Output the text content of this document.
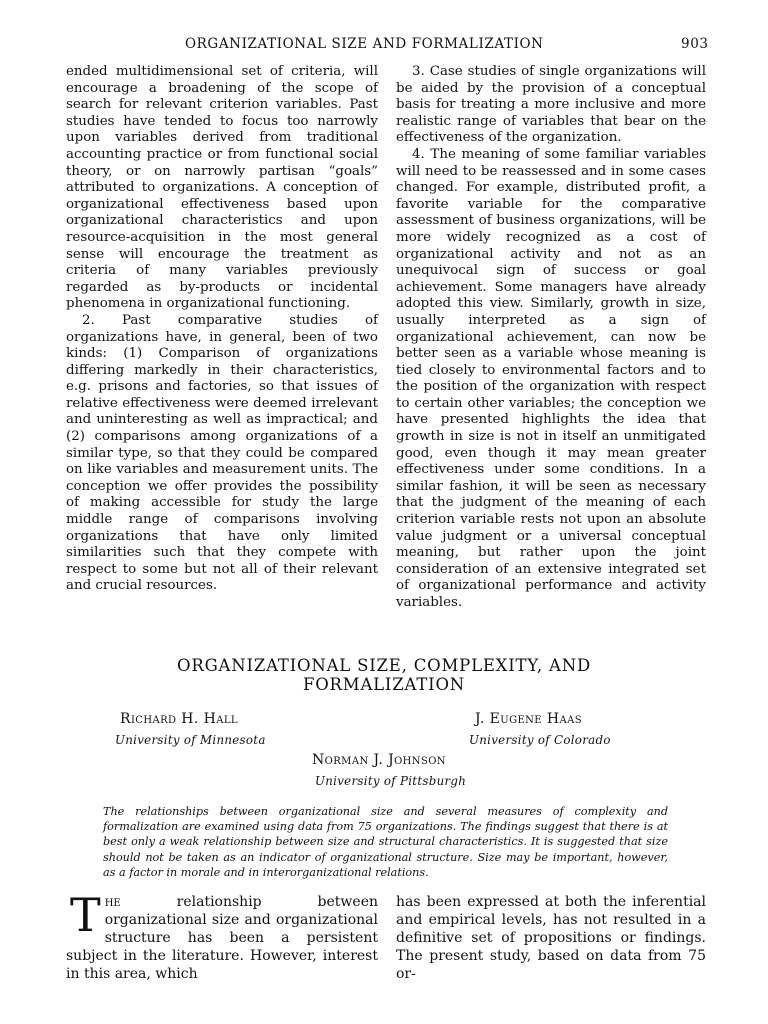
ORGANIZATIONAL SIZE AND FORMALIZATION	903

ended multidimensional set of criteria, will encourage a broadening of the scope of search for relevant criterion variables. Past studies have tended to focus too narrowly upon variables derived from traditional accounting practice or from functional social theory, or on narrowly partisan “goals” attributed to organizations. A conception of organizational effectiveness based upon organizational characteristics and upon resource-acquisition in the most general sense will encourage the treatment as criteria of many variables previously regarded as by-products or incidental phenomena in organizational functioning.

2. Past comparative studies of organizations have, in general, been of two kinds: (1) Comparison of organizations differing markedly in their characteristics, e.g. prisons and factories, so that issues of relative effectiveness were deemed irrelevant and uninteresting as well as impractical; and (2) comparisons among organizations of a similar type, so that they could be compared on like variables and measurement units. The conception we offer provides the possibility of making accessible for study the large middle range of comparisons involving organizations that have only limited similarities such that they compete with respect to some but not all of their relevant and crucial resources.

3. Case studies of single organizations will be aided by the provision of a conceptual basis for treating a more inclusive and more realistic range of variables that bear on the effectiveness of the organization.

4. The meaning of some familiar variables will need to be reassessed and in some cases changed. For example, distributed profit, a favorite variable for the comparative assessment of business organizations, will be more widely recognized as a cost of organizational activity and not as an unequivocal sign of success or goal achievement. Some managers have already adopted this view. Similarly, growth in size, usually interpreted as a sign of organizational achievement, can now be better seen as a variable whose meaning is tied closely to environmental factors and to the position of the organization with respect to certain other variables; the conception we have presented highlights the idea that growth in size is not in itself an unmitigated good, even though it may mean greater effectiveness under some conditions. In a similar fashion, it will be seen as necessary that the judgment of the meaning of each criterion variable rests not upon an absolute value judgment or a universal conceptual meaning, but rather upon the joint consideration of an extensive integrated set of organizational performance and activity variables.

ORGANIZATIONAL SIZE, COMPLEXITY, AND
FORMALIZATION
Richard H. Hall
University of Minnesota
J. Eugene Haas
University of Colorado
Norman J. Johnson
University of Pittsburgh
The relationships between organizational size and several measures of complexity and formalization are examined using data from 75 organizations. The findings suggest that there is at best only a weak relationship between size and structural characteristics. It is suggested that size should not be taken as an indicator of organizational structure. Size may be important, however, as a factor in morale and in interorganizational relations.
The relationship between organizational size and organizational structure has been a persistent subject in the literature. However, interest in this area, which
has been expressed at both the inferential and empirical levels, has not resulted in a definitive set of propositions or findings. The present study, based on data from 75 or-
